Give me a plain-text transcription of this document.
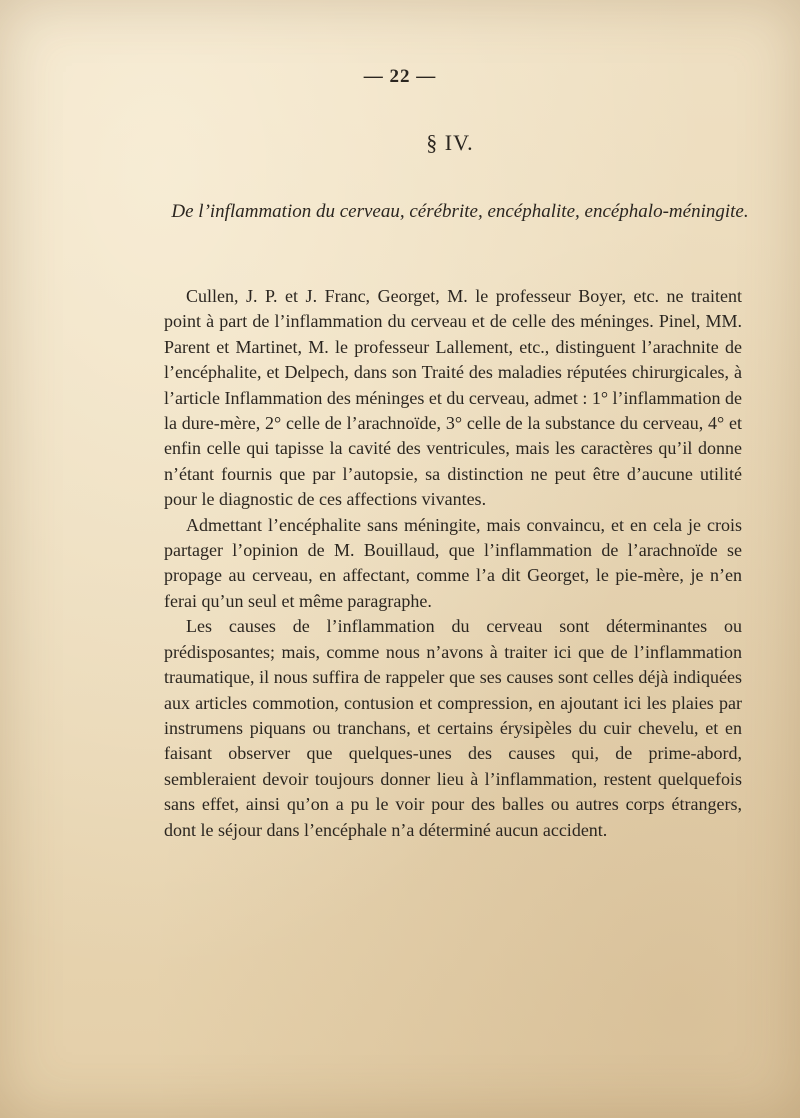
— 22 —
§ IV.
De l’inflammation du cerveau, cérébrite, encéphalite, encéphalo-méningite.

Cullen, J. P. et J. Franc, Georget, M. le professeur Boyer, etc. ne traitent point à part de l’inflammation du cerveau et de celle des méninges. Pinel, MM. Parent et Martinet, M. le professeur Lallement, etc., distinguent l’arachnite de l’encéphalite, et Delpech, dans son Traité des maladies réputées chirurgicales, à l’article Inflammation des méninges et du cerveau, admet : 1° l’inflammation de la dure-mère, 2° celle de l’arachnoïde, 3° celle de la substance du cerveau, 4° et enfin celle qui tapisse la cavité des ventricules, mais les caractères qu’il donne n’étant fournis que par l’autopsie, sa distinction ne peut être d’aucune utilité pour le diagnostic de ces affections vivantes.

Admettant l’encéphalite sans méningite, mais convaincu, et en cela je crois partager l’opinion de M. Bouillaud, que l’inflammation de l’arachnoïde se propage au cerveau, en affectant, comme l’a dit Georget, le pie-mère, je n’en ferai qu’un seul et même paragraphe.

Les causes de l’inflammation du cerveau sont déterminantes ou prédisposantes; mais, comme nous n’avons à traiter ici que de l’inflammation traumatique, il nous suffira de rappeler que ses causes sont celles déjà indiquées aux articles commotion, contusion et compression, en ajoutant ici les plaies par instrumens piquans ou tranchans, et certains érysipèles du cuir chevelu, et en faisant observer que quelques-unes des causes qui, de prime-abord, sembleraient devoir toujours donner lieu à l’inflammation, restent quelquefois sans effet, ainsi qu’on a pu le voir pour des balles ou autres corps étrangers, dont le séjour dans l’encéphale n’a déterminé aucun accident.
